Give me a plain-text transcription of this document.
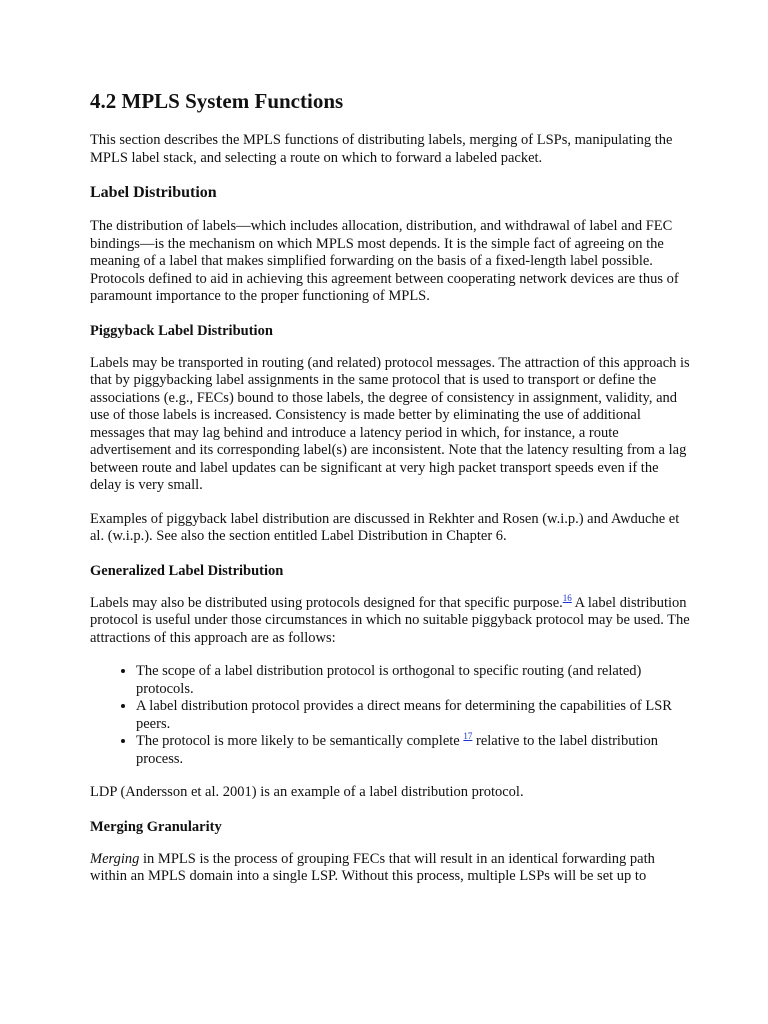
4.2 MPLS System Functions

This section describes the MPLS functions of distributing labels, merging of LSPs, manipulating the MPLS label stack, and selecting a route on which to forward a labeled packet.

Label Distribution

The distribution of labels—which includes allocation, distribution, and withdrawal of label and FEC bindings—is the mechanism on which MPLS most depends. It is the simple fact of agreeing on the meaning of a label that makes simplified forwarding on the basis of a fixed-length label possible. Protocols defined to aid in achieving this agreement between cooperating network devices are thus of paramount importance to the proper functioning of MPLS.

Piggyback Label Distribution

Labels may be transported in routing (and related) protocol messages. The attraction of this approach is that by piggybacking label assignments in the same protocol that is used to transport or define the associations (e.g., FECs) bound to those labels, the degree of consistency in assignment, validity, and use of those labels is increased. Consistency is made better by eliminating the use of additional messages that may lag behind and introduce a latency period in which, for instance, a route advertisement and its corresponding label(s) are inconsistent. Note that the latency resulting from a lag between route and label updates can be significant at very high packet transport speeds even if the delay is very small.

Examples of piggyback label distribution are discussed in Rekhter and Rosen (w.i.p.) and Awduche et al. (w.i.p.). See also the section entitled Label Distribution in Chapter 6.

Generalized Label Distribution

Labels may also be distributed using protocols designed for that specific purpose.$^{16}$ A label distribution protocol is useful under those circumstances in which no suitable piggyback protocol may be used. The attractions of this approach are as follows:

• The scope of a label distribution protocol is orthogonal to specific routing (and related) protocols.
• A label distribution protocol provides a direct means for determining the capabilities of LSR peers.
• The protocol is more likely to be semantically complete $^{17}$ relative to the label distribution process.

LDP (Andersson et al. 2001) is an example of a label distribution protocol.

Merging Granularity

Merging in MPLS is the process of grouping FECs that will result in an identical forwarding path within an MPLS domain into a single LSP. Without this process, multiple LSPs will be set up to
